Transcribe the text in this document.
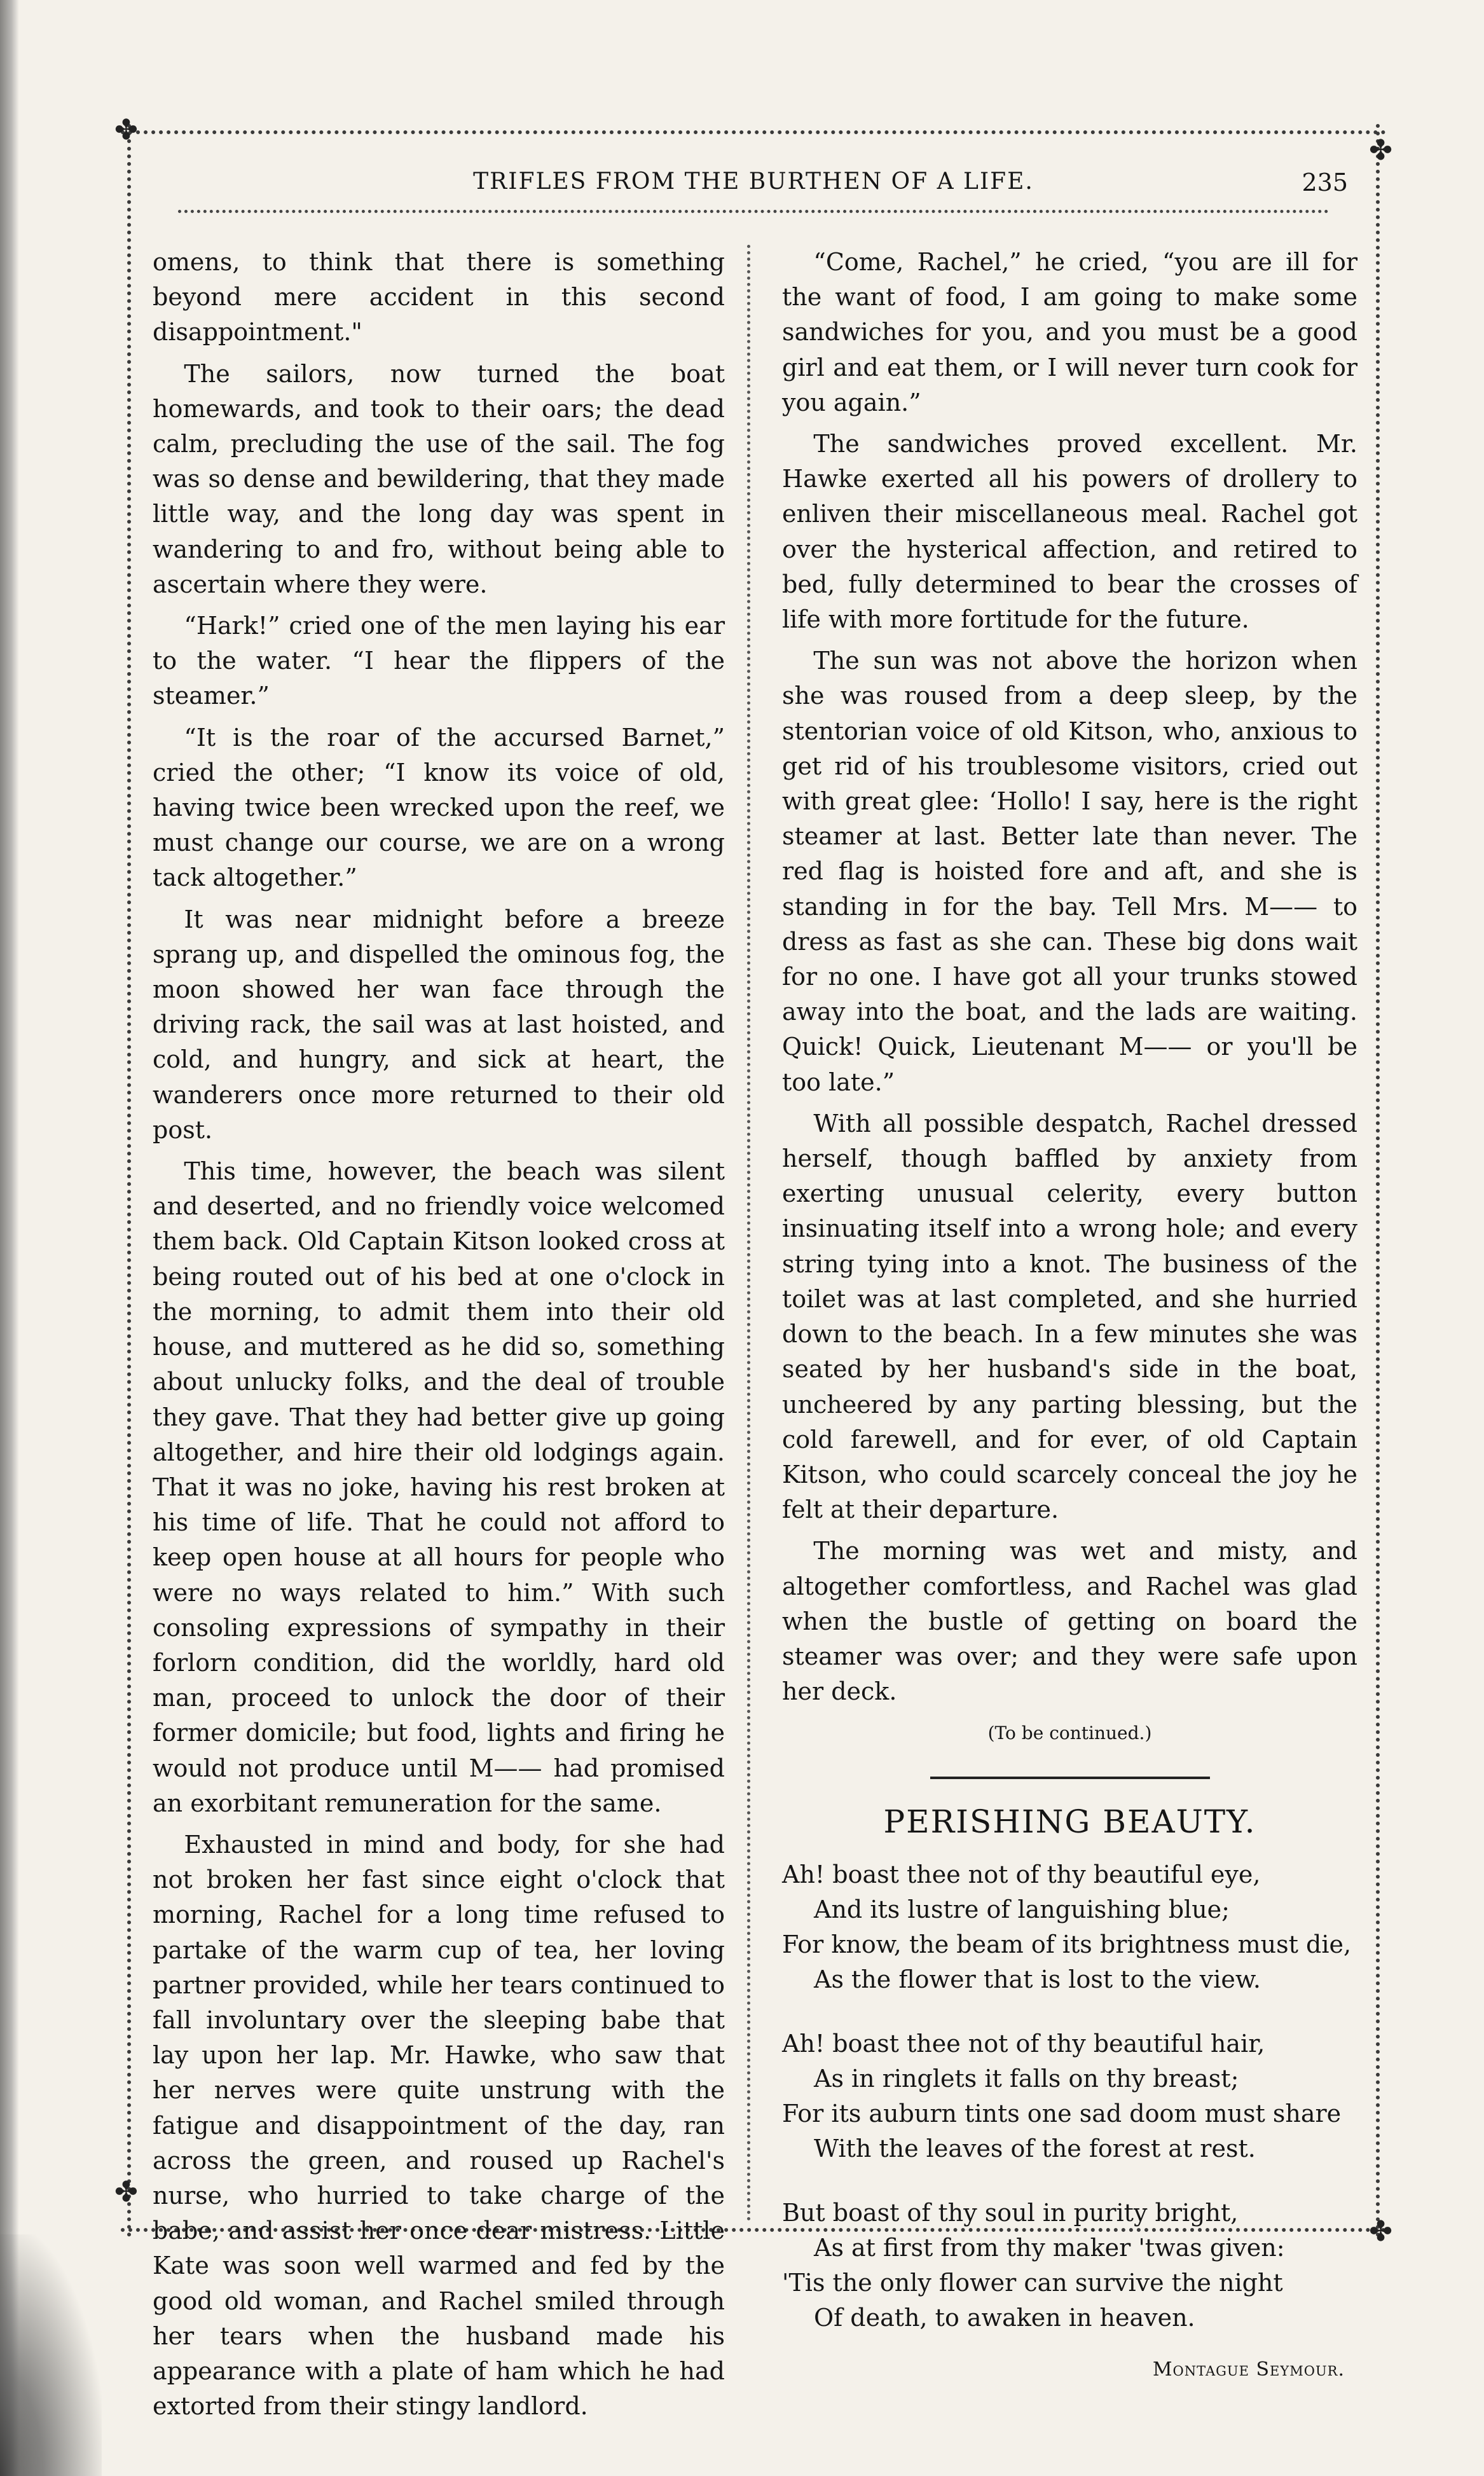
✤
✤
✤
✤
TRIFLES FROM THE BURTHEN OF A LIFE.	235

omens, to think that there is something beyond mere accident in this second disappointment."

The sailors, now turned the boat homewards, and took to their oars; the dead calm, precluding the use of the sail. The fog was so dense and bewildering, that they made little way, and the long day was spent in wandering to and fro, without being able to ascertain where they were.

“Hark!” cried one of the men laying his ear to the water. “I hear the flippers of the steamer.”

“It is the roar of the accursed Barnet,” cried the other; “I know its voice of old, having twice been wrecked upon the reef, we must change our course, we are on a wrong tack altogether.”

It was near midnight before a breeze sprang up, and dispelled the ominous fog, the moon showed her wan face through the driving rack, the sail was at last hoisted, and cold, and hungry, and sick at heart, the wanderers once more returned to their old post.

This time, however, the beach was silent and deserted, and no friendly voice welcomed them back. Old Captain Kitson looked cross at being routed out of his bed at one o'clock in the morning, to admit them into their old house, and muttered as he did so, something about unlucky folks, and the deal of trouble they gave. That they had better give up going altogether, and hire their old lodgings again. That it was no joke, having his rest broken at his time of life. That he could not afford to keep open house at all hours for people who were no ways related to him.” With such consoling expressions of sympathy in their forlorn condition, did the worldly, hard old man, proceed to unlock the door of their former domicile; but food, lights and firing he would not produce until M—— had promised an exorbitant remuneration for the same.

Exhausted in mind and body, for she had not broken her fast since eight o'clock that morning, Rachel for a long time refused to partake of the warm cup of tea, her loving partner provided, while her tears continued to fall involuntary over the sleeping babe that lay upon her lap. Mr. Hawke, who saw that her nerves were quite unstrung with the fatigue and disappointment of the day, ran across the green, and roused up Rachel's nurse, who hurried to take charge of the babe, and assist her once dear mistress. Little Kate was soon well warmed and fed by the good old woman, and Rachel smiled through her tears when the husband made his appearance with a plate of ham which he had extorted from their stingy landlord.

“Come, Rachel,” he cried, “you are ill for the want of food, I am going to make some sandwiches for you, and you must be a good girl and eat them, or I will never turn cook for you again.”

The sandwiches proved excellent. Mr. Hawke exerted all his powers of drollery to enliven their miscellaneous meal. Rachel got over the hysterical affection, and retired to bed, fully determined to bear the crosses of life with more fortitude for the future.

The sun was not above the horizon when she was roused from a deep sleep, by the stentorian voice of old Kitson, who, anxious to get rid of his troublesome visitors, cried out with great glee: ‘Hollo! I say, here is the right steamer at last. Better late than never. The red flag is hoisted fore and aft, and she is standing in for the bay. Tell Mrs. M—— to dress as fast as she can. These big dons wait for no one. I have got all your trunks stowed away into the boat, and the lads are waiting. Quick! Quick, Lieutenant M—— or you'll be too late.”

With all possible despatch, Rachel dressed herself, though baffled by anxiety from exerting unusual celerity, every button insinuating itself into a wrong hole; and every string tying into a knot. The business of the toilet was at last completed, and she hurried down to the beach. In a few minutes she was seated by her husband's side in the boat, uncheered by any parting blessing, but the cold farewell, and for ever, of old Captain Kitson, who could scarcely conceal the joy he felt at their departure.

The morning was wet and misty, and altogether comfortless, and Rachel was glad when the bustle of getting on board the steamer was over; and they were safe upon her deck.

(To be continued.)
PERISHING BEAUTY.
Ah! boast thee not of thy beautiful eye,
And its lustre of languishing blue;
For know, the beam of its brightness must die,
As the flower that is lost to the view.
Ah! boast thee not of thy beautiful hair,
As in ringlets it falls on thy breast;
For its auburn tints one sad doom must share
With the leaves of the forest at rest.
But boast of thy soul in purity bright,
As at first from thy maker 'twas given:
'Tis the only flower can survive the night
Of death, to awaken in heaven.
Montague Seymour.
